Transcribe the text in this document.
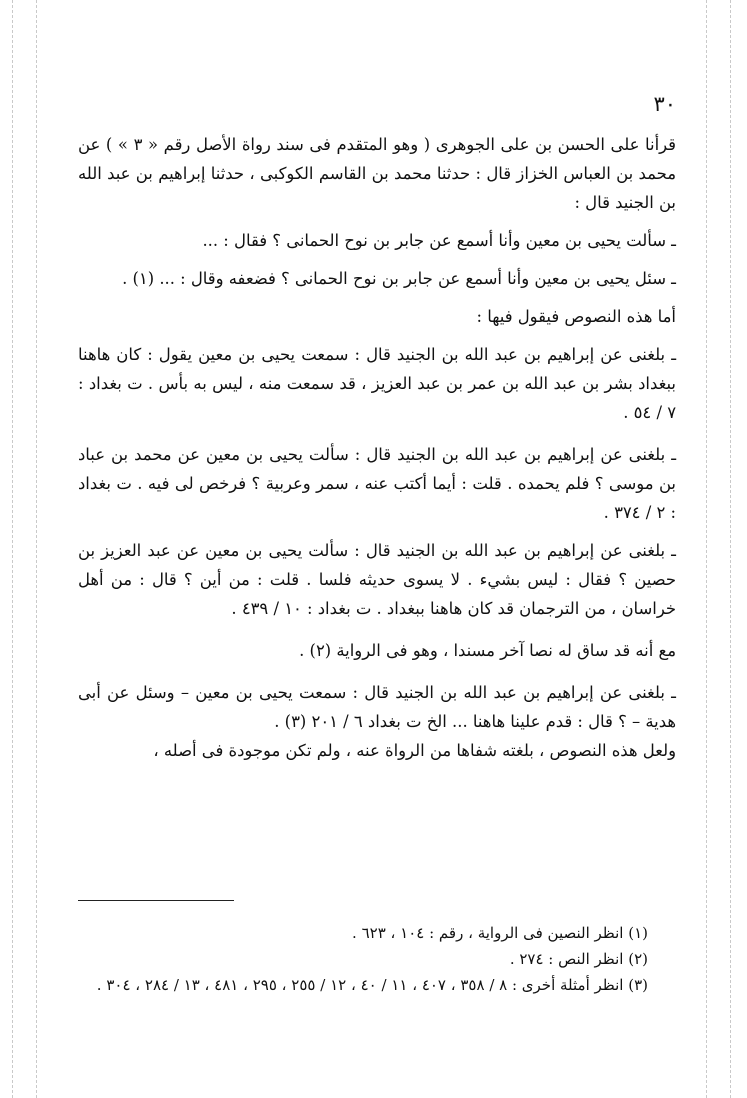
٣٠

قرأنا على الحسن بن على الجوهرى ( وهو المتقدم فى سند رواة الأصل رقم « ٣ » ) عن محمد بن العباس الخزاز قال : حدثنا محمد بن القاسم الكوكبى ، حدثنا إبراهيم بن عبد الله بن الجنيد قال :

ـ سألت يحيى بن معين وأنا أسمع عن جابر بن نوح الحمانى ؟ فقال : ...

ـ سئل يحيى بن معين وأنا أسمع عن جابر بن نوح الحمانى ؟ فضعفه وقال : ... (١) .

أما هذه النصوص فيقول فيها :

ـ بلغنى عن إبراهيم بن عبد الله بن الجنيد قال : سمعت يحيى بن معين يقول : كان هاهنا ببغداد بشر بن عبد الله بن عمر بن عبد العزيز ، قد سمعت منه ، ليس به بأس . ت بغداد : ٧ / ٥٤ .

ـ بلغنى عن إبراهيم بن عبد الله بن الجنيد قال : سألت يحيى بن معين عن محمد بن عباد بن موسى ؟ فلم يحمده . قلت : أيما أكتب عنه ، سمر وعربية ؟ فرخص لى فيه . ت بغداد : ٢ / ٣٧٤ .

ـ بلغنى عن إبراهيم بن عبد الله بن الجنيد قال : سألت يحيى بن معين عن عبد العزيز بن حصين ؟ فقال : ليس بشيء . لا يسوى حديثه فلسا . قلت : من أين ؟ قال : من أهل خراسان ، من الترجمان قد كان هاهنا ببغداد . ت بغداد : ١٠ / ٤٣٩ .

مع أنه قد ساق له نصا آخر مسندا ، وهو فى الرواية (٢) .

ـ بلغنى عن إبراهيم بن عبد الله بن الجنيد قال : سمعت يحيى بن معين – وسئل عن أبى هدية – ؟ قال : قدم علينا هاهنا ... الخ ت بغداد ٦ / ٢٠١ (٣) .

ولعل هذه النصوص ، بلغته شفاها من الرواة عنه ، ولم تكن موجودة فى أصله ،

(١) انظر النصين فى الرواية ، رقم : ١٠٤ ، ٦٢٣ .

(٢) انظر النص : ٢٧٤ .

(٣) انظر أمثلة أخرى : ٨ / ٣٥٨ ، ٤٠٧ ، ١١ / ٤٠ ، ١٢ / ٢٥٥ ، ٢٩٥ ، ٤٨١ ، ١٣ / ٢٨٤ ، ٣٠٤ .
